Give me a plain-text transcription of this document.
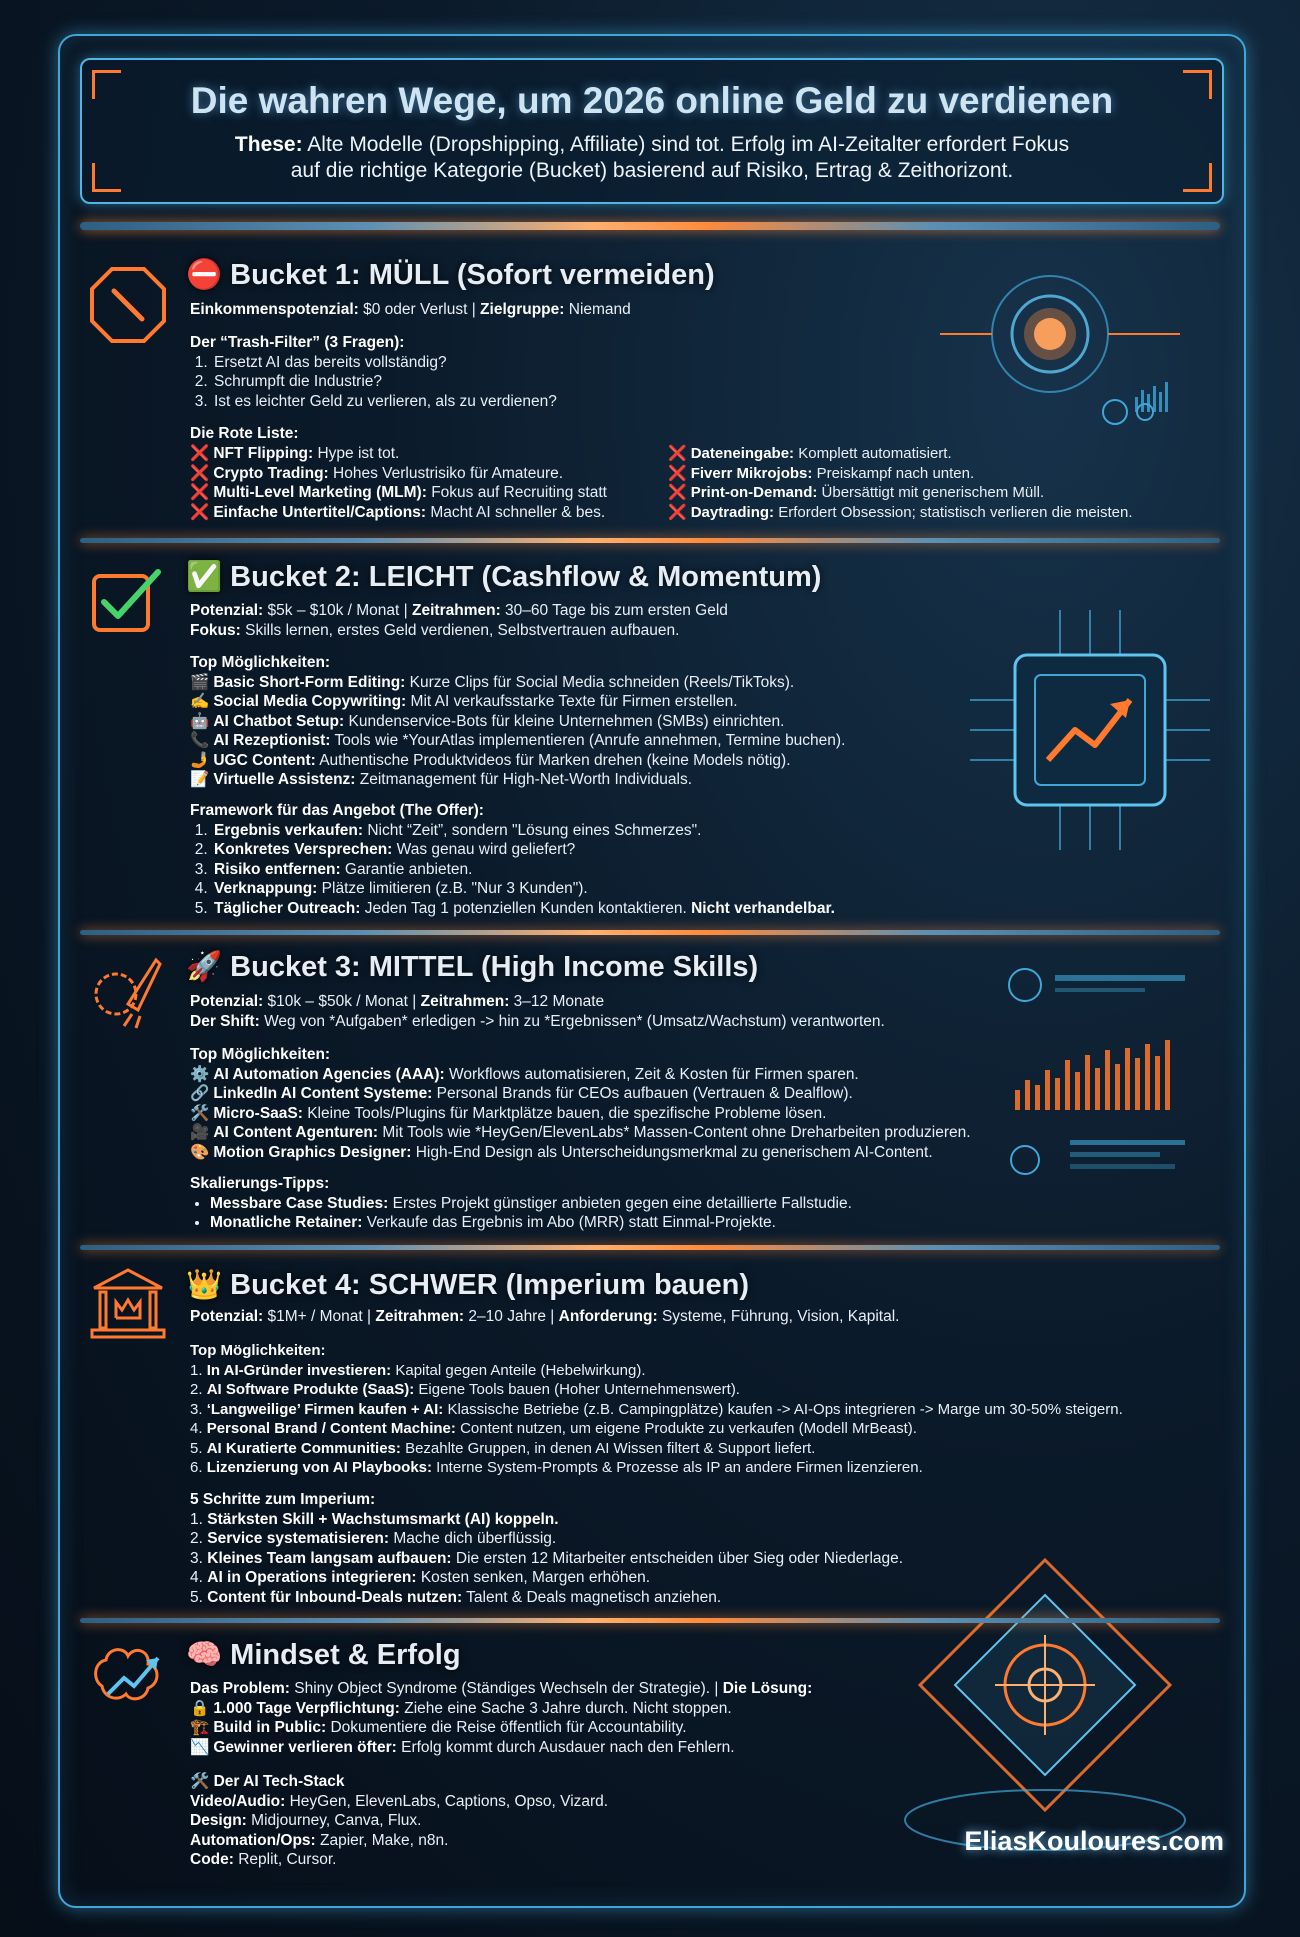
Die wahren Wege, um 2026 online Geld zu verdienen
These: Alte Modelle (Dropshipping, Affiliate) sind tot. Erfolg im AI-Zeitalter erfordert Fokus
auf die richtige Kategorie (Bucket) basierend auf Risiko, Ertrag & Zeithorizont.
⛔ Bucket 1: MÜLL (Sofort vermeiden)
Einkommenspotenzial: $0 oder Verlust | Zielgruppe: Niemand
Der “Trash-Filter” (3 Fragen):
1. Ersetzt AI das bereits vollständig?
2. Schrumpft die Industrie?
3. Ist es leichter Geld zu verlieren, als zu verdienen?
Die Rote Liste:
❌ NFT Flipping: Hype ist tot.
❌ Crypto Trading: Hohes Verlustrisiko für Amateure.
❌ Multi-Level Marketing (MLM): Fokus auf Recruiting statt
❌ Einfache Untertitel/Captions: Macht AI schneller & bes.
❌ Dateneingabe: Komplett automatisiert.
❌ Fiverr Mikrojobs: Preiskampf nach unten.
❌ Print-on-Demand: Übersättigt mit generischem Müll.
❌ Daytrading: Erfordert Obsession; statistisch verlieren die meisten.
✅ Bucket 2: LEICHT (Cashflow & Momentum)
Potenzial: $5k – $10k / Monat | Zeitrahmen: 30–60 Tage bis zum ersten Geld
Fokus: Skills lernen, erstes Geld verdienen, Selbstvertrauen aufbauen.
Top Möglichkeiten:
🎬 Basic Short-Form Editing: Kurze Clips für Social Media schneiden (Reels/TikToks).
✍️ Social Media Copywriting: Mit AI verkaufsstarke Texte für Firmen erstellen.
🤖 AI Chatbot Setup: Kundenservice-Bots für kleine Unternehmen (SMBs) einrichten.
📞 AI Rezeptionist: Tools wie *YourAtlas implementieren (Anrufe annehmen, Termine buchen).
🤳 UGC Content: Authentische Produktvideos für Marken drehen (keine Models nötig).
📝 Virtuelle Assistenz: Zeitmanagement für High-Net-Worth Individuals.
Framework für das Angebot (The Offer):
1. Ergebnis verkaufen: Nicht “Zeit”, sondern "Lösung eines Schmerzes".
2. Konkretes Versprechen: Was genau wird geliefert?
3. Risiko entfernen: Garantie anbieten.
4. Verknappung: Plätze limitieren (z.B. "Nur 3 Kunden").
5. Täglicher Outreach: Jeden Tag 1 potenziellen Kunden kontaktieren. Nicht verhandelbar.
🚀 Bucket 3: MITTEL (High Income Skills)
Potenzial: $10k – $50k / Monat | Zeitrahmen: 3–12 Monate
Der Shift: Weg von *Aufgaben* erledigen -> hin zu *Ergebnissen* (Umsatz/Wachstum) verantworten.
Top Möglichkeiten:
⚙️ AI Automation Agencies (AAA): Workflows automatisieren, Zeit & Kosten für Firmen sparen.
🔗 LinkedIn AI Content Systeme: Personal Brands für CEOs aufbauen (Vertrauen & Dealflow).
🛠️ Micro-SaaS: Kleine Tools/Plugins für Marktplätze bauen, die spezifische Probleme lösen.
🎥 AI Content Agenturen: Mit Tools wie *HeyGen/ElevenLabs* Massen-Content ohne Dreharbeiten produzieren.
🎨 Motion Graphics Designer: High-End Design als Unterscheidungsmerkmal zu generischem AI-Content.
Skalierungs-Tipps:
• Messbare Case Studies: Erstes Projekt günstiger anbieten gegen eine detaillierte Fallstudie.
• Monatliche Retainer: Verkaufe das Ergebnis im Abo (MRR) statt Einmal-Projekte.
👑 Bucket 4: SCHWER (Imperium bauen)
Potenzial: $1M+ / Monat | Zeitrahmen: 2–10 Jahre | Anforderung: Systeme, Führung, Vision, Kapital.
Top Möglichkeiten:
1. In AI-Gründer investieren: Kapital gegen Anteile (Hebelwirkung).
2. AI Software Produkte (SaaS): Eigene Tools bauen (Hoher Unternehmenswert).
3. ‘Langweilige’ Firmen kaufen + AI: Klassische Betriebe (z.B. Campingplätze) kaufen -> AI-Ops integrieren -> Marge um 30-50% steigern.
4. Personal Brand / Content Machine: Content nutzen, um eigene Produkte zu verkaufen (Modell MrBeast).
5. AI Kuratierte Communities: Bezahlte Gruppen, in denen AI Wissen filtert & Support liefert.
6. Lizenzierung von AI Playbooks: Interne System-Prompts & Prozesse als IP an andere Firmen lizenzieren.
5 Schritte zum Imperium:
1. Stärksten Skill + Wachstumsmarkt (AI) koppeln.
2. Service systematisieren: Mache dich überflüssig.
3. Kleines Team langsam aufbauen: Die ersten 12 Mitarbeiter entscheiden über Sieg oder Niederlage.
4. AI in Operations integrieren: Kosten senken, Margen erhöhen.
5. Content für Inbound-Deals nutzen: Talent & Deals magnetisch anziehen.
🧠 Mindset & Erfolg
Das Problem: Shiny Object Syndrome (Ständiges Wechseln der Strategie). | Die Lösung:
🔒 1.000 Tage Verpflichtung: Ziehe eine Sache 3 Jahre durch. Nicht stoppen.
🏗️ Build in Public: Dokumentiere die Reise öffentlich für Accountability.
📉 Gewinner verlieren öfter: Erfolg kommt durch Ausdauer nach den Fehlern.
🛠️ Der AI Tech-Stack
Video/Audio: HeyGen, ElevenLabs, Captions, Opso, Vizard.
Design: Midjourney, Canva, Flux.
Automation/Ops: Zapier, Make, n8n.
Code: Replit, Cursor.
EliasKouloures.com
